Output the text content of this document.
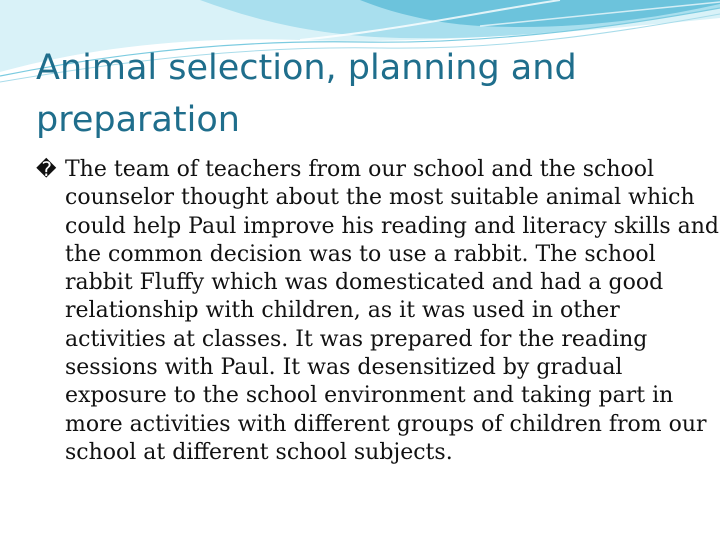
Animal selection, planning and preparation

� The team of teachers from our school and the school counselor thought about the most suitable animal which could help Paul improve his reading and literacy skills and the common decision was to use a rabbit. The school rabbit Fluffy which was domesticated and had a good relationship with children, as it was used in other activities at classes. It was prepared for the reading sessions with Paul. It was desensitized by gradual exposure to the school environment and taking part in more activities with different groups of children from our school at different school subjects.
